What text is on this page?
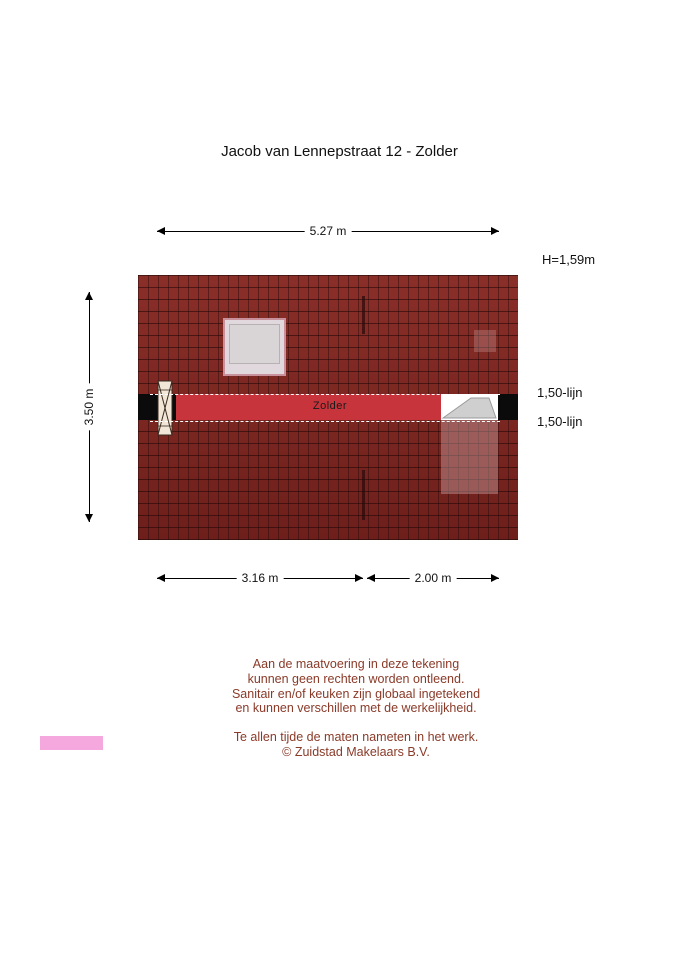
Jacob van Lennepstraat 12 - Zolder
5.27 m
H=1,59m
3.50 m	Zolder
1,50-lijn
1,50-lijn
3.16 m	2.00 m
Aan de maatvoering in deze tekening
kunnen geen rechten worden ontleend.
Sanitair en/of keuken zijn globaal ingetekend
en kunnen verschillen met de werkelijkheid.
Te allen tijde de maten nameten in het werk.
© Zuidstad Makelaars B.V.
